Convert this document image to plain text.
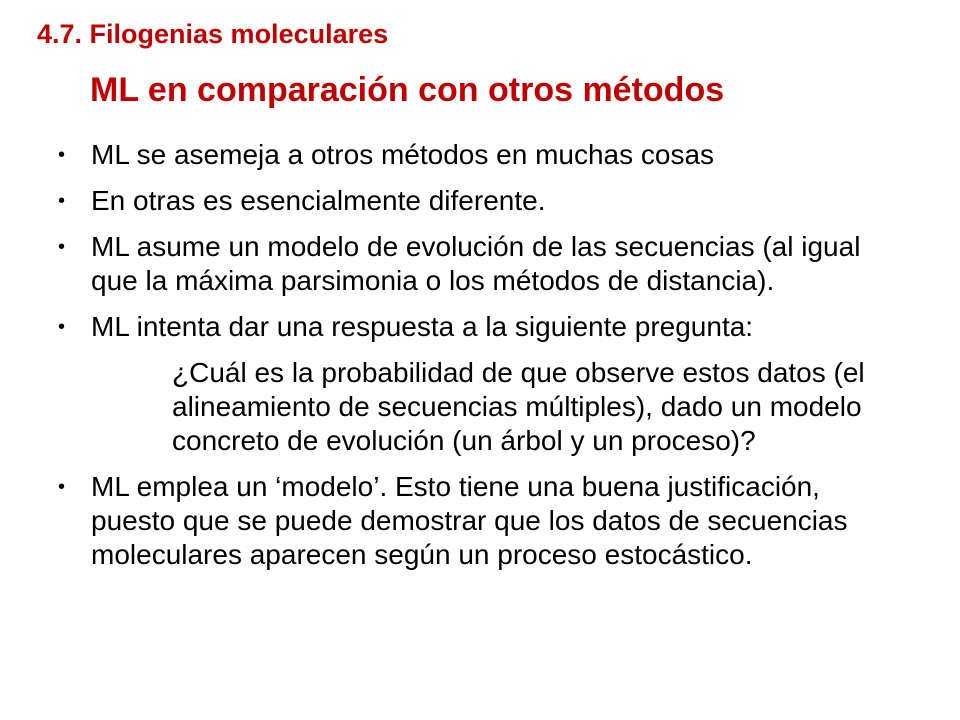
4.7. Filogenias moleculares
ML en comparación con otros métodos
• ML se asemeja a otros métodos en muchas cosas
• En otras es esencialmente diferente.
• ML asume un modelo de evolución de las secuencias (al igual que la máxima parsimonia o los métodos de distancia).
• ML intenta dar una respuesta a la siguiente pregunta:
¿Cuál es la probabilidad de que observe estos datos (el alineamiento de secuencias múltiples), dado un modelo concreto de evolución (un árbol y un proceso)?
• ML emplea un ‘modelo’. Esto tiene una buena justificación, puesto que se puede demostrar que los datos de secuencias moleculares aparecen según un proceso estocástico.
